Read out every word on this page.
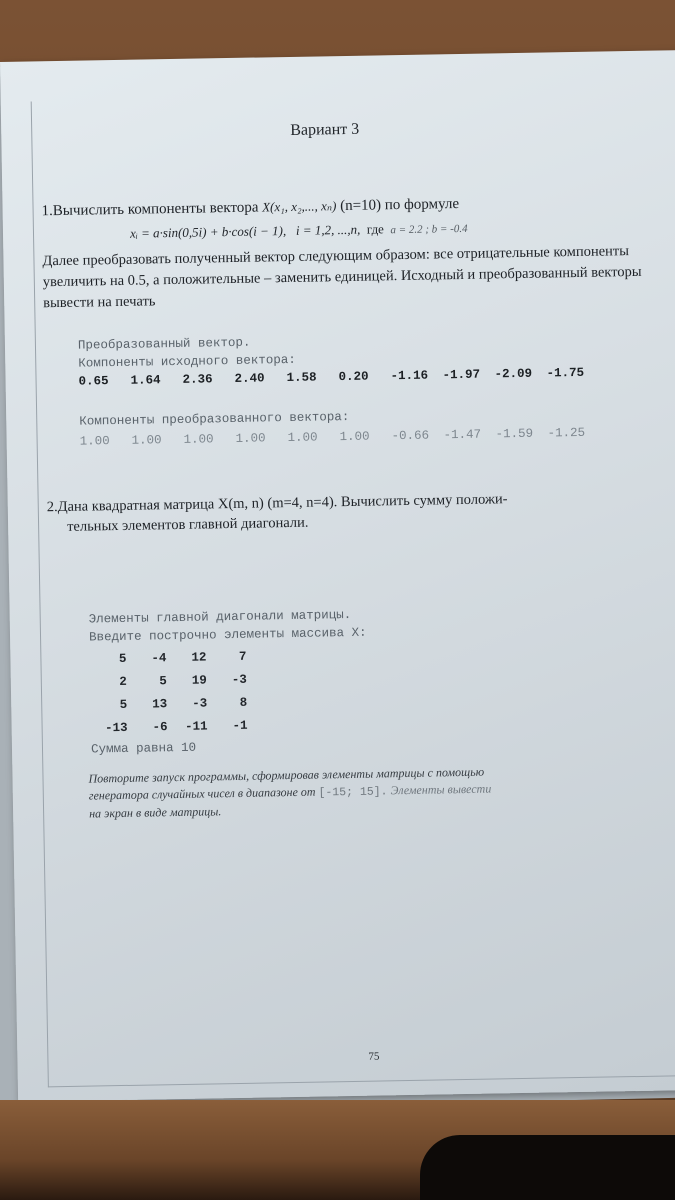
Вариант 3
1.Вычислить компоненты вектора X(x₁, x₂,..., xₙ) (n=10) по формуле
xᵢ = a·sin(0,5i) + b·cos(i − 1), i = 1,2, ...,n, где a = 2.2 ; b = -0.4
Далее преобразовать полученный вектор следующим образом: все отрицательные компоненты увеличить на 0.5, а положительные – заменить единицей. Исходный и преобразованный векторы вывести на печать
Преобразованный вектор.
Компоненты исходного вектора:
0.65	1.64	2.36	2.40	1.58	0.20	-1.16	-1.97	-2.09	-1.75
Компоненты преобразованного вектора:
1.00	1.00	1.00	1.00	1.00	1.00	-0.66	-1.47	-1.59	-1.25
2.Дана квадратная матрица X(m, n) (m=4, n=4). Вычислить сумму положи-
тельных элементов главной диагонали.
Элементы главной диагонали матрицы.
Введите построчно элементы массива X:
5	-4	12	7
2	5	19	-3
5	13	-3	8
-13	-6	-11	-1
Сумма равна 10
Повторите запуск программы, сформировав элементы матрицы с помощью
генератора случайных чисел в диапазоне от [-15; 15]. Элементы вывести
на экран в виде матрицы.
75
